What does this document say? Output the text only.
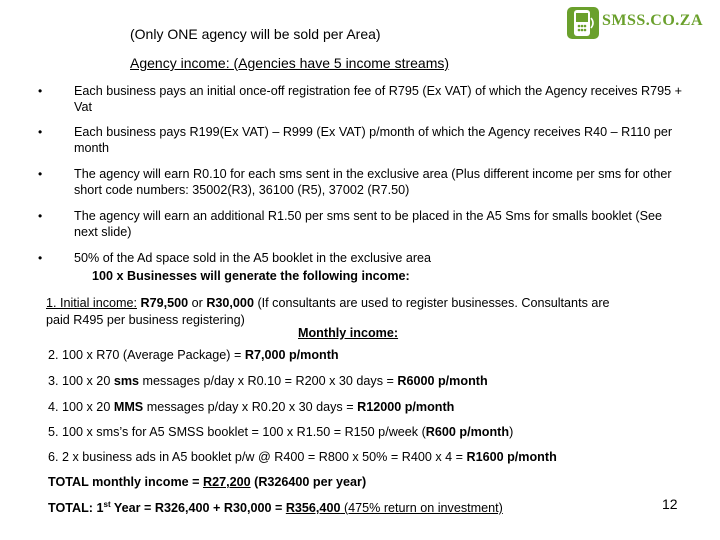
SMSS.CO.ZA
(Only ONE agency will be sold per Area)
Agency income: (Agencies have 5 income streams)
•	Each business pays an initial once-off registration fee of R795 (Ex VAT) of which the Agency receives R795 + Vat
•	Each business pays R199(Ex VAT) – R999 (Ex VAT) p/month of which the Agency receives R40 – R110 per month
•	The agency will earn R0.10 for each sms sent in the exclusive area (Plus different income per sms for other short code numbers: 35002(R3), 36100 (R5), 37002 (R7.50)
•	The agency will earn an additional R1.50 per sms sent to be placed in the A5 Sms for smalls booklet (See next slide)
•	50% of the Ad space sold in the A5 booklet in the exclusive area
100 x Businesses will generate the following income:
1. Initial income: R79,500 or R30,000 (If consultants are used to register businesses. Consultants are
paid R495 per business registering)
Monthly income:
2. 100 x R70 (Average Package) = R7,000 p/month
3. 100 x 20 sms messages p/day x R0.10 = R200 x 30 days = R6000 p/month
4. 100 x 20 MMS messages p/day x R0.20 x 30 days = R12000 p/month
5. 100 x sms’s for A5 SMSS booklet = 100 x R1.50 = R150 p/week (R600 p/month)
6. 2 x business ads in A5 booklet p/w @ R400 = R800 x 50% = R400 x 4 = R1600 p/month
TOTAL monthly income = R27,200 (R326400 per year)
TOTAL: 1st Year = R326,400 + R30,000 = R356,400 (475% return on investment)	12
